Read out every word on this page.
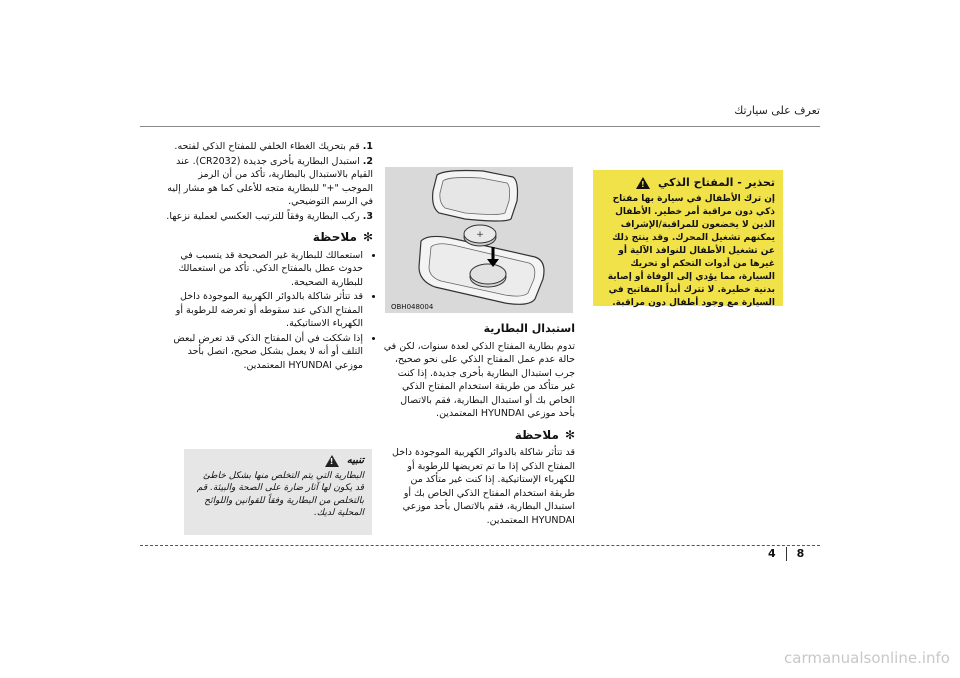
تعرف على سيارتك
1.قم بتحريك الغطاء الخلفي للمفتاح الذكي لفتحه.
2.استبدل البطارية بأخرى جديدة (CR2032). عند القيام بالاستبدال بالبطارية، تأكد من أن الرمز الموجب "+" للبطارية متجه للأعلى كما هو مشار إليه في الرسم التوضيحي.
3.ركب البطارية وفقاً للترتيب العكسي لعملية نزعها.
✻
ملاحظة
• استعمالك للبطارية غير الصحيحة قد يتسبب في حدوث عطل بالمفتاح الذكي. تأكد من استعمالك للبطارية الصحيحة.
• قد تتأثر شاكلة بالدوائر الكهربية الموجودة داخل المفتاح الذكي عند سقوطه أو تعرضه للرطوبة أو الكهرباء الاستاتيكية.
• إذا شككت في أن المفتاح الذكي قد تعرض لبعض التلف أو أنه لا يعمل بشكل صحيح، اتصل بأحد موزعي HYUNDAI المعتمدين.
تنبيه
!
البطارية التي يتم التخلص منها بشكل خاطئ قد يكون لها آثار ضارة على الصحة والبيئة. قم بالتخلص من البطارية وفقاً للقوانين واللوائح المحلية لديك.
+
OBH048004
استبدال البطارية
تدوم بطارية المفتاح الذكي لعدة سنوات، لكن في حالة عدم عمل المفتاح الذكي على نحو صحيح، جرب استبدال البطارية بأخرى جديدة. إذا كنت غير متأكد من طريقة استخدام المفتاح الذكي الخاص بك أو استبدال البطارية، فقم بالاتصال بأحد موزعي HYUNDAI المعتمدين.
✻
ملاحظة
قد تتأثر شاكلة بالدوائر الكهربية الموجودة داخل المفتاح الذكي إذا ما تم تعريضها للرطوبة أو للكهرباء الإستاتيكية. إذا كنت غير متأكد من طريقة استخدام المفتاح الذكي الخاص بك أو استبدال البطارية، فقم بالاتصال بأحد موزعي HYUNDAI المعتمدين.
تحذير - المفتاح الذكي
!
إن ترك الأطفال في سيارة بها مفتاح ذكي دون مراقبة أمر خطير. الأطفال الذين لا يخضعون للمراقبة/الإشراف يمكنهم تشغيل المحرك. وقد ينتج ذلك عن تشغيل الأطفال للنوافذ الآلية أو غيرها من أدوات التحكم أو تحريك السيارة، مما يؤدي إلى الوفاة أو إصابة بدنية خطيرة. لا تترك أبداً المفاتيح في السيارة مع وجود أطفال دون مراقبة.
4 8
carmanualsonline.info
